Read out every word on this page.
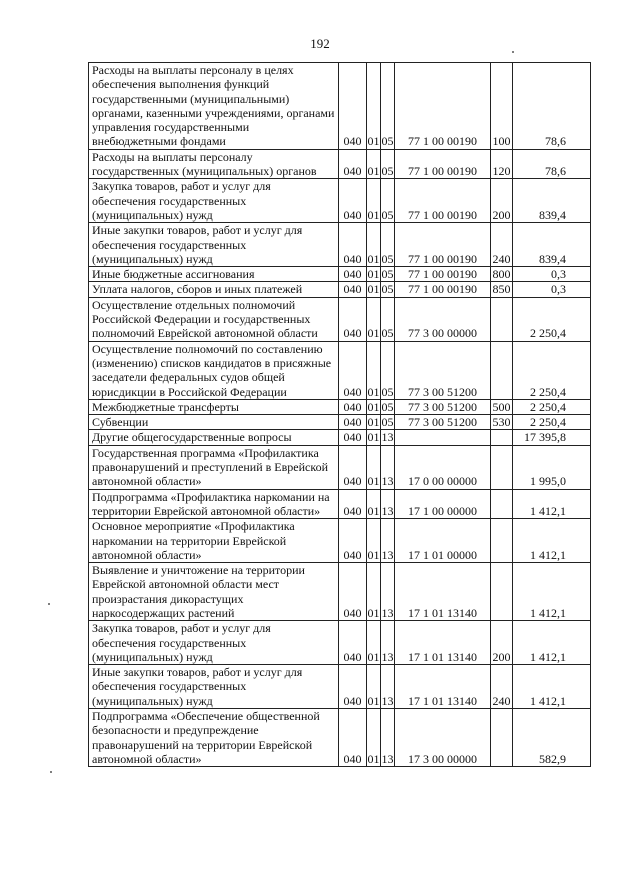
192
Расходы на выплаты персоналу в целях обеспечения выполнения функций государственными (муниципальными) органами, казенными учреждениями, органами управления государственными внебюджетными фондами	040	01	05	77 1 00 00190	100	78,6
Расходы на выплаты персоналу государственных (муниципальных) органов	040	01	05	77 1 00 00190	120	78,6
Закупка товаров, работ и услуг для обеспечения государственных (муниципальных) нужд	040	01	05	77 1 00 00190	200	839,4
Иные закупки товаров, работ и услуг для обеспечения государственных (муниципальных) нужд	040	01	05	77 1 00 00190	240	839,4
Иные бюджетные ассигнования	040	01	05	77 1 00 00190	800	0,3
Уплата налогов, сборов и иных платежей	040	01	05	77 1 00 00190	850	0,3
Осуществление отдельных полномочий Российской Федерации и государственных полномочий Еврейской автономной области	040	01	05	77 3 00 00000		2 250,4
Осуществление полномочий по составлению (изменению) списков кандидатов в присяжные заседатели федеральных судов общей юрисдикции в Российской Федерации	040	01	05	77 3 00 51200		2 250,4
Межбюджетные трансферты	040	01	05	77 3 00 51200	500	2 250,4
Субвенции	040	01	05	77 3 00 51200	530	2 250,4
Другие общегосударственные вопросы	040	01	13			17 395,8
Государственная программа «Профилактика правонарушений и преступлений в Еврейской автономной области»	040	01	13	17 0 00 00000		1 995,0
Подпрограмма «Профилактика наркомании на территории Еврейской автономной области»	040	01	13	17 1 00 00000		1 412,1
Основное мероприятие «Профилактика наркомании на территории Еврейской автономной области»	040	01	13	17 1 01 00000		1 412,1
Выявление и уничтожение на территории Еврейской автономной области мест произрастания дикорастущих наркосодержащих растений	040	01	13	17 1 01 13140		1 412,1
Закупка товаров, работ и услуг для обеспечения государственных (муниципальных) нужд	040	01	13	17 1 01 13140	200	1 412,1
Иные закупки товаров, работ и услуг для обеспечения государственных (муниципальных) нужд	040	01	13	17 1 01 13140	240	1 412,1
Подпрограмма «Обеспечение общественной безопасности и предупреждение правонарушений на территории Еврейской автономной области»	040	01	13	17 3 00 00000		582,9
